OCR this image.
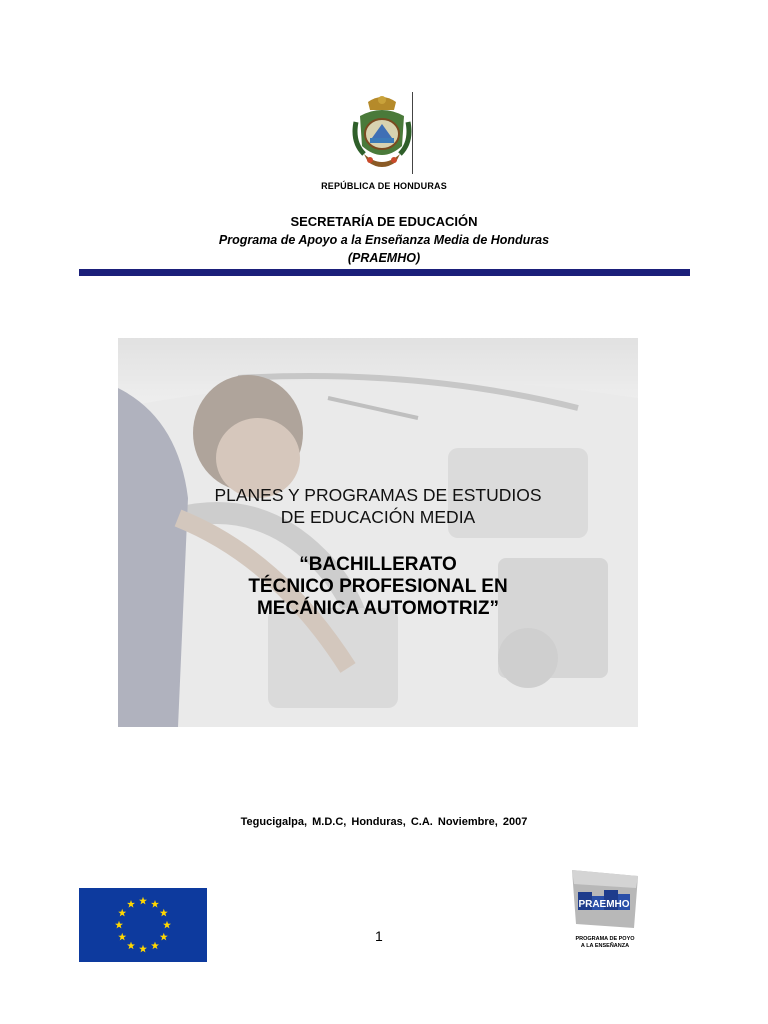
REPÚBLICA DE HONDURAS
SECRETARÍA DE EDUCACIÓN
Programa de Apoyo a la Enseñanza Media de Honduras
(PRAEMHO)
PLANES Y PROGRAMAS DE ESTUDIOS
DE EDUCACIÓN MEDIA
“BACHILLERATO
TÉCNICO PROFESIONAL EN
MECÁNICA AUTOMOTRIZ”
Tegucigalpa, M.D.C, Honduras, C.A. Noviembre, 2007
1
PRAEMHO
PROGRAMA DE POYO
A LA ENSEÑANZA
